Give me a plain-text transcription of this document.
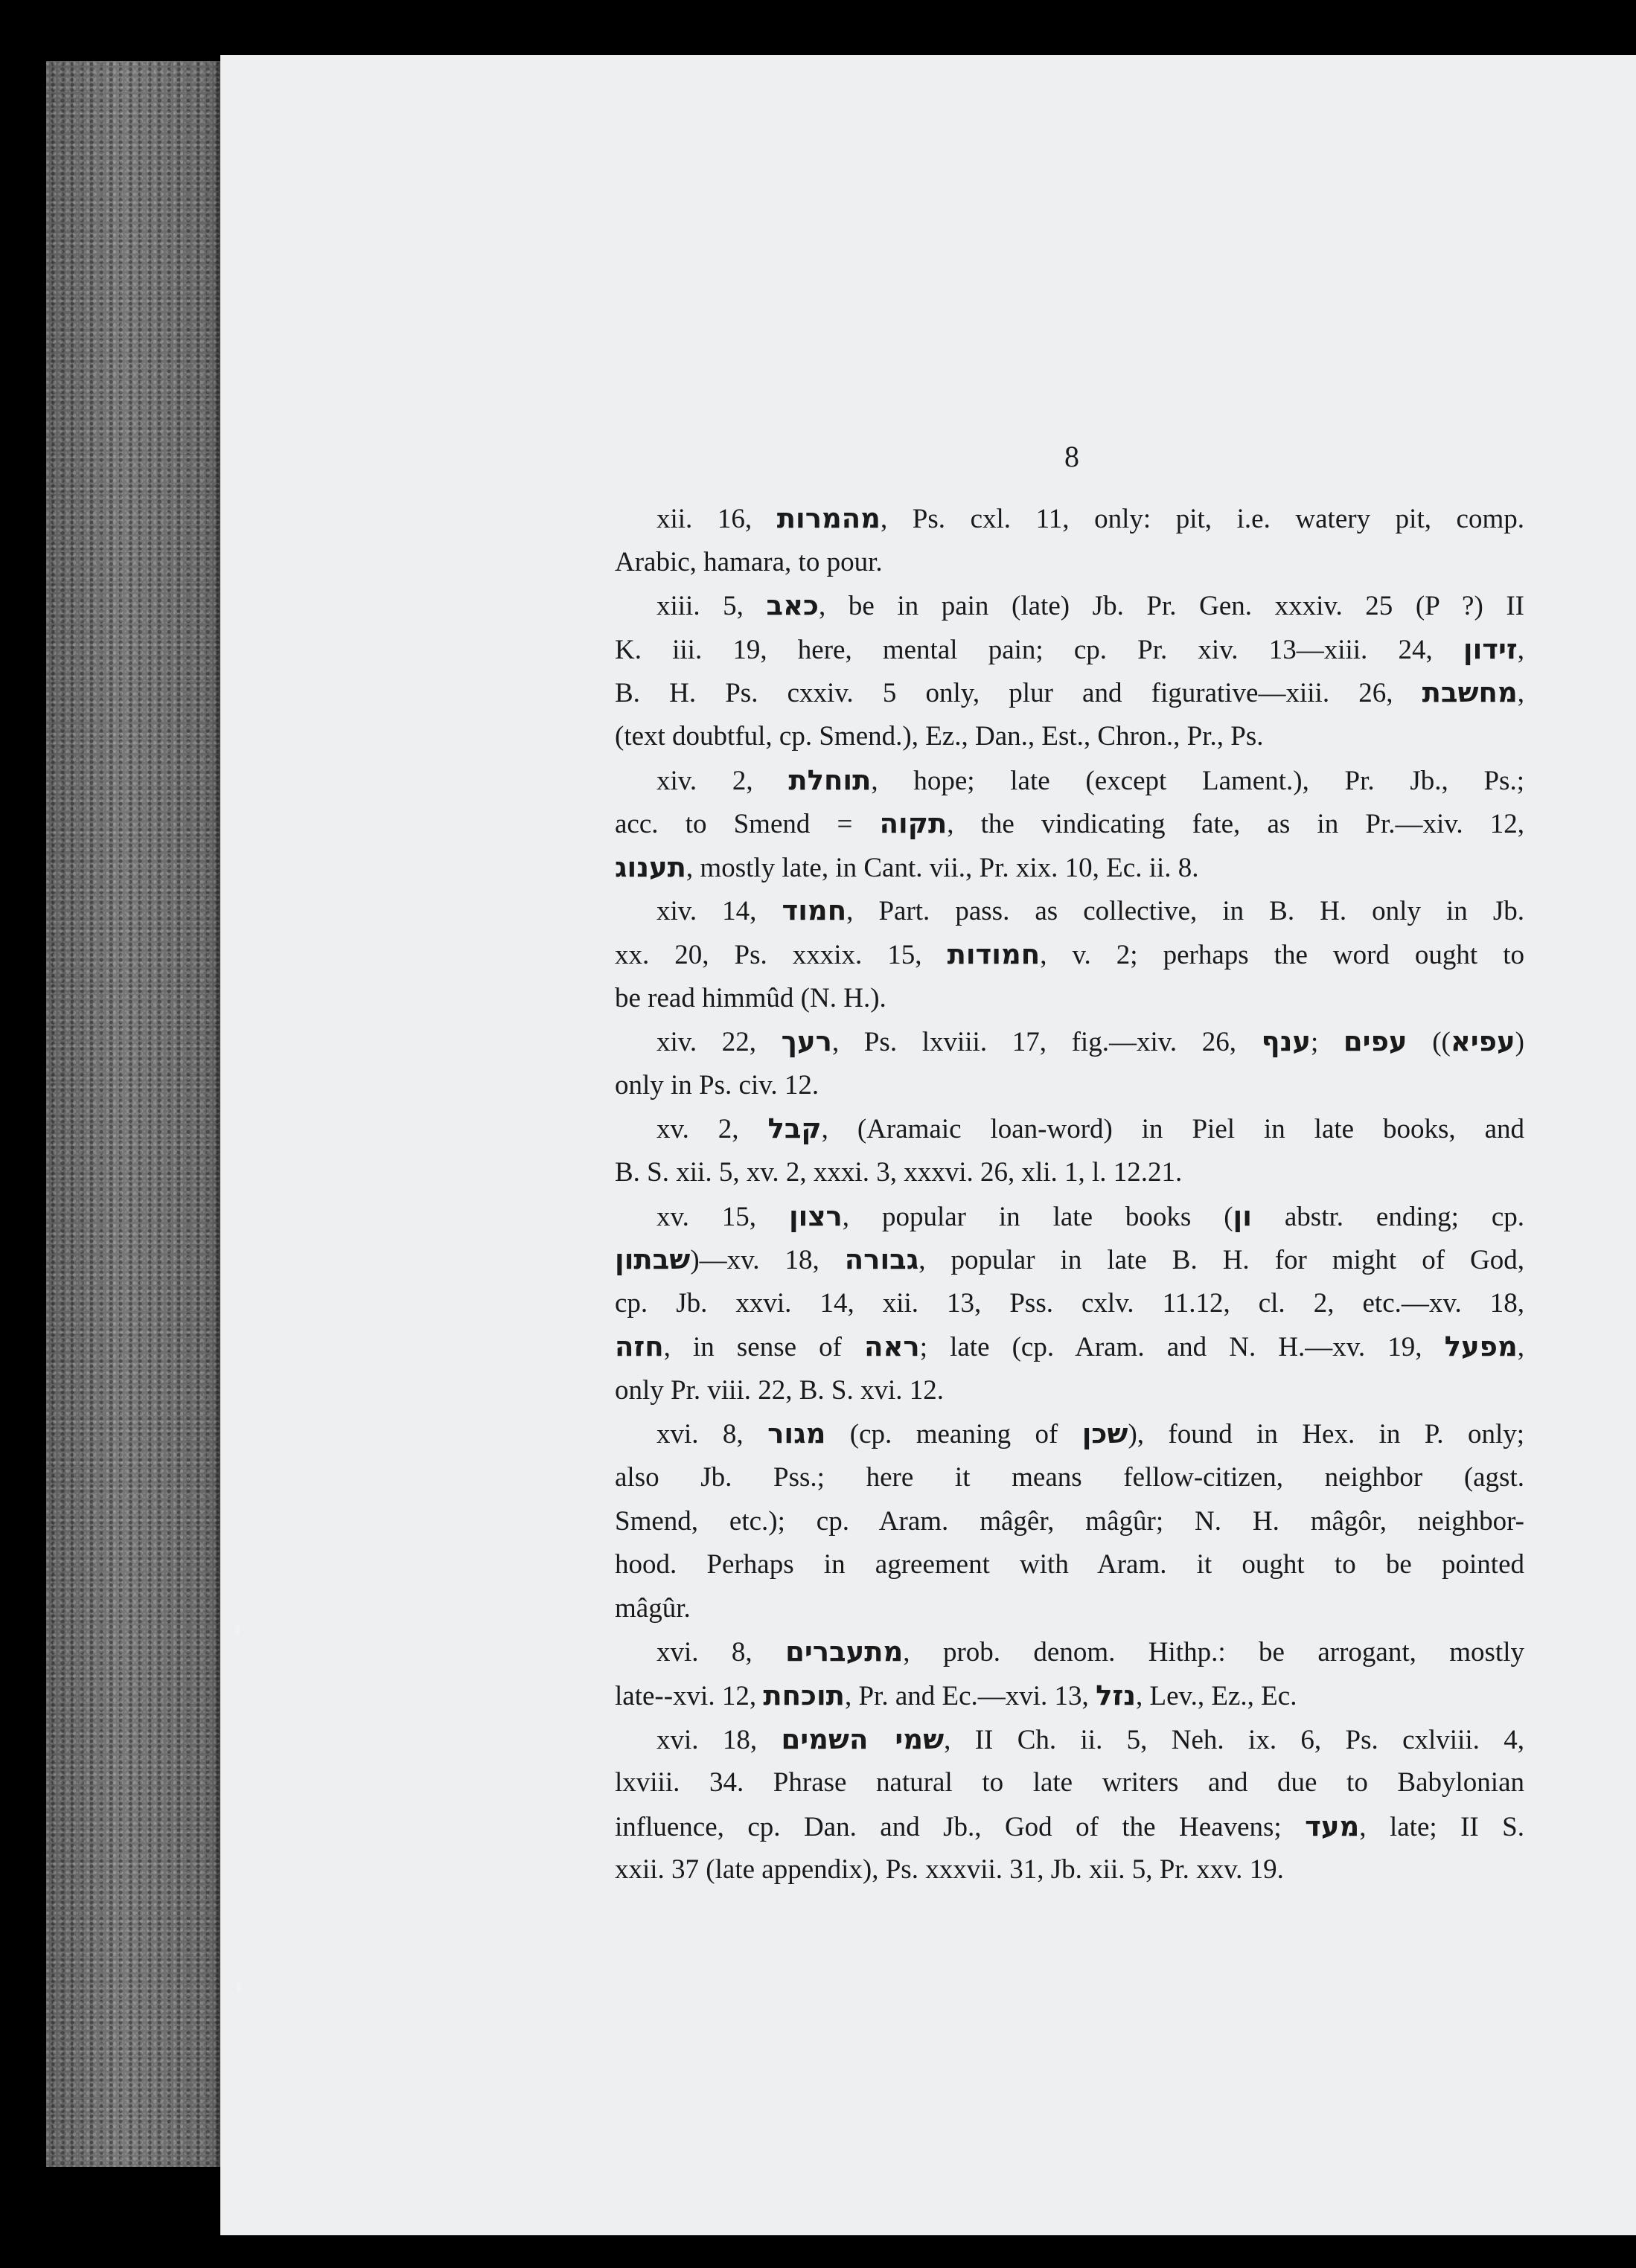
8
xii. 16, מהמרות, Ps. cxl. 11, only: pit, i.e. watery pit, comp.
Arabic, hamara, to pour.
xiii. 5, כאב, be in pain (late) Jb. Pr. Gen. xxxiv. 25 (P ?) II
K. iii. 19, here, mental pain; cp. Pr. xiv. 13—xiii. 24, זידון,
B. H. Ps. cxxiv. 5 only, plur and figurative—xiii. 26, מחשבת,
(text doubtful, cp. Smend.), Ez., Dan., Est., Chron., Pr., Ps.
xiv. 2, תוחלת, hope; late (except Lament.), Pr. Jb., Ps.;
acc. to Smend = תקוה, the vindicating fate, as in Pr.—xiv. 12,
תענוג, mostly late, in Cant. vii., Pr. xix. 10, Ec. ii. 8.
xiv. 14, חמוד, Part. pass. as collective, in B. H. only in Jb.
xx. 20, Ps. xxxix. 15, חמודות, v. 2; perhaps the word ought to
be read himmûd (N. H.).
xiv. 22, רעך, Ps. lxviii. 17, fig.—xiv. 26, ענף; עפים ((עפיא)
only in Ps. civ. 12.
xv. 2, קבל, (Aramaic loan-word) in Piel in late books, and
B. S. xii. 5, xv. 2, xxxi. 3, xxxvi. 26, xli. 1, l. 12.21.
xv. 15, רצון, popular in late books (ון abstr. ending; cp.
שבתון)—xv. 18, גבורה, popular in late B. H. for might of God,
cp. Jb. xxvi. 14, xii. 13, Pss. cxlv. 11.12, cl. 2, etc.—xv. 18,
חזה, in sense of ראה; late (cp. Aram. and N. H.—xv. 19, מפעל,
only Pr. viii. 22, B. S. xvi. 12.
xvi. 8, מגור (cp. meaning of שכן), found in Hex. in P. only;
also Jb. Pss.; here it means fellow-citizen, neighbor (agst.
Smend, etc.); cp. Aram. mâgêr, mâgûr; N. H. mâgôr, neighbor-
hood. Perhaps in agreement with Aram. it ought to be pointed
mâgûr.
xvi. 8, מתעברים, prob. denom. Hithp.: be arrogant, mostly
late--xvi. 12, תוכחת, Pr. and Ec.—xvi. 13, נזל, Lev., Ez., Ec.
xvi. 18, שמי השמים, II Ch. ii. 5, Neh. ix. 6, Ps. cxlviii. 4,
lxviii. 34. Phrase natural to late writers and due to Babylonian
influence, cp. Dan. and Jb., God of the Heavens; מעד, late; II S.
xxii. 37 (late appendix), Ps. xxxvii. 31, Jb. xii. 5, Pr. xxv. 19.
